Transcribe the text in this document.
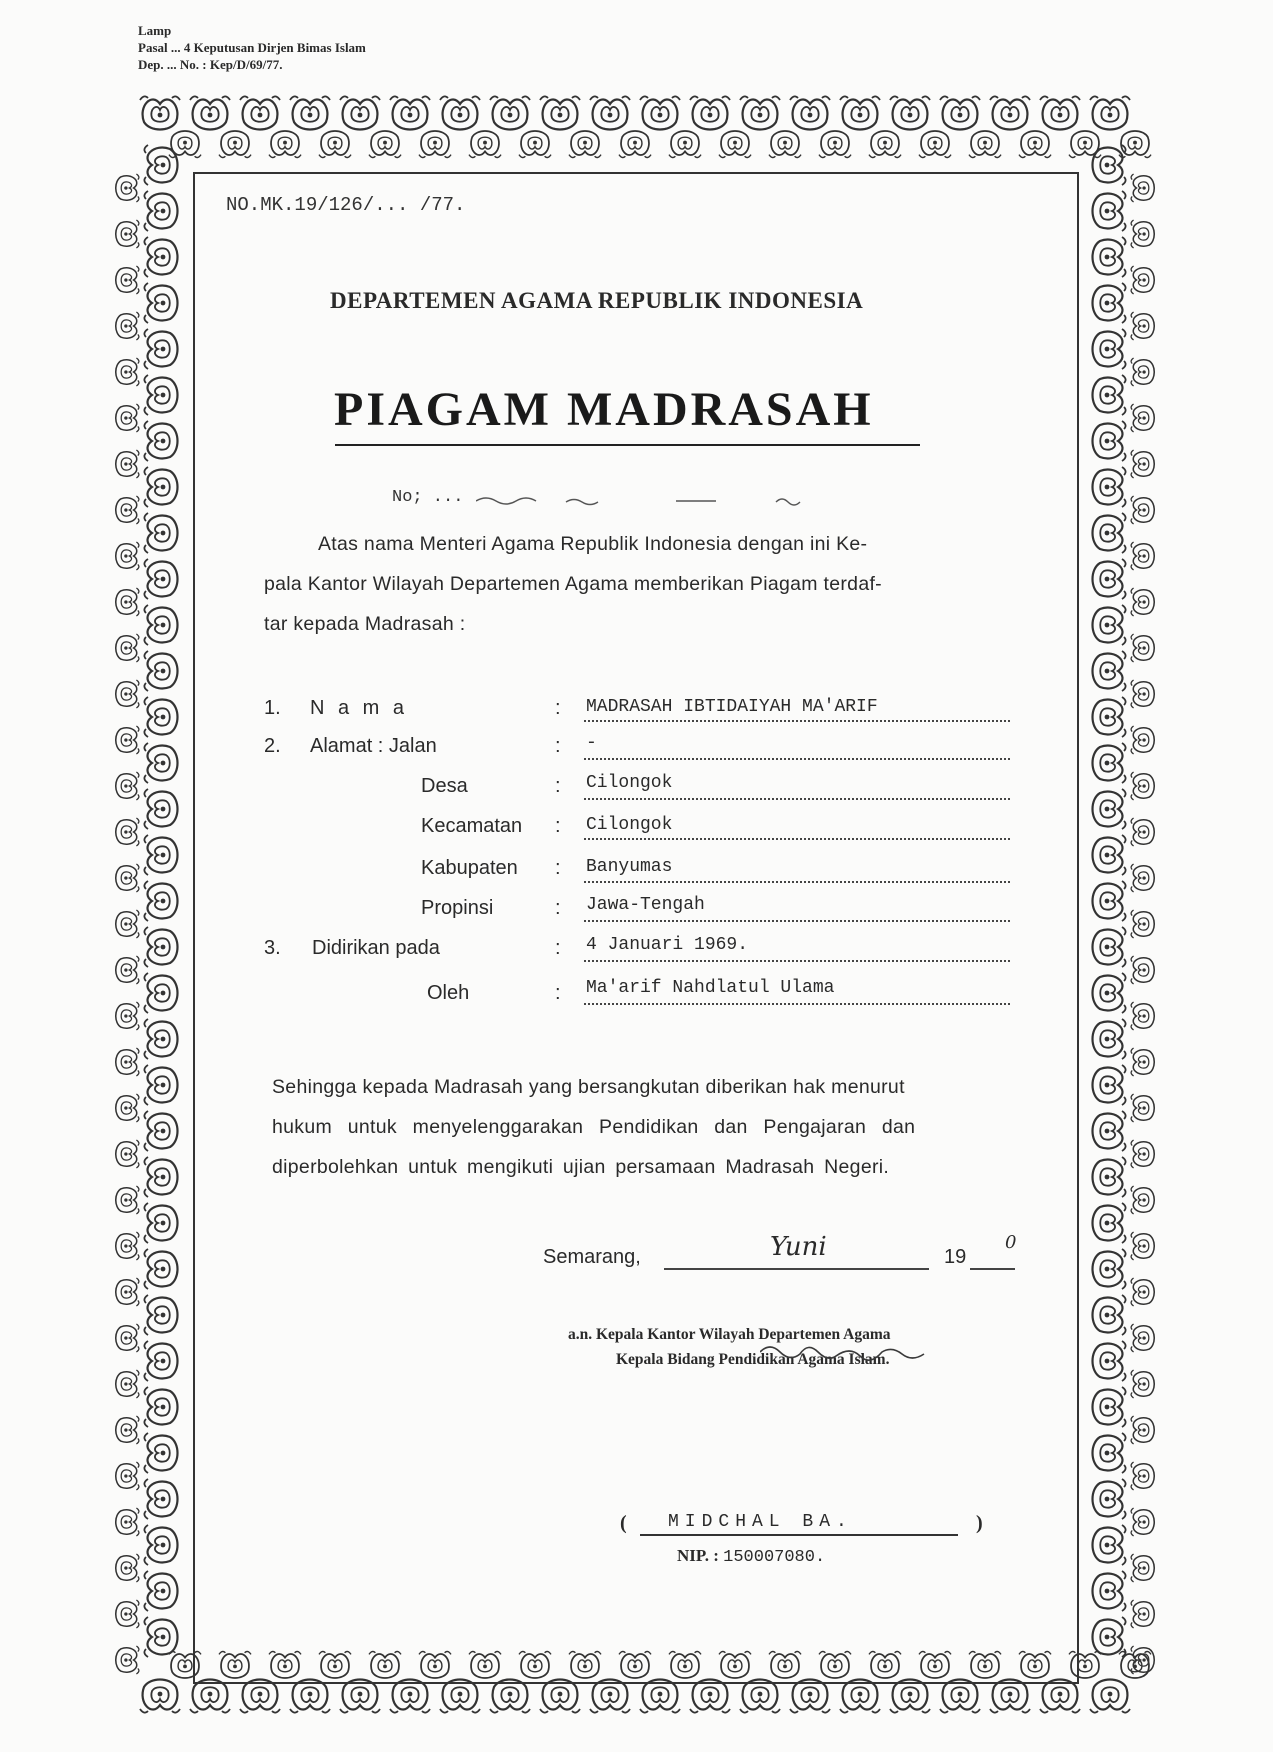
Lamp
Pasal ... 4 Keputusan Dirjen Bimas Islam
Dep. ... No. : Kep/D/69/77.
NO.MK.19/126/... /77.
DEPARTEMEN AGAMA REPUBLIK INDONESIA
PIAGAM MADRASAH
No; ...
Atas nama Menteri Agama Republik Indonesia dengan ini Ke-
pala Kantor Wilayah Departemen Agama memberikan Piagam terdaf-
tar kepada Madrasah :
1. N a m a	: MADRASAH IBTIDAIYAH MA'ARIF
2. Alamat : Jalan	: -
Desa	: Cilongok
Kecamatan : Cilongok
Kabupaten : Banyumas
Propinsi	: Jawa-Tengah
3. Didirikan pada	: 4 Januari 1969.
Oleh	: Ma'arif Nahdlatul Ulama
Sehingga kepada Madrasah yang bersangkutan diberikan hak menurut
hukum untuk menyelenggarakan Pendidikan dan Pengajaran dan
diperbolehkan untuk mengikuti ujian persamaan Madrasah Negeri.
Semarang,	Yuni	19
0
a.n. Kepala Kantor Wilayah Departemen Agama
Kepala Bidang Pendidikan Agama Islam.
( MIDCHAL BA.	)
NIP. : 150007080.
